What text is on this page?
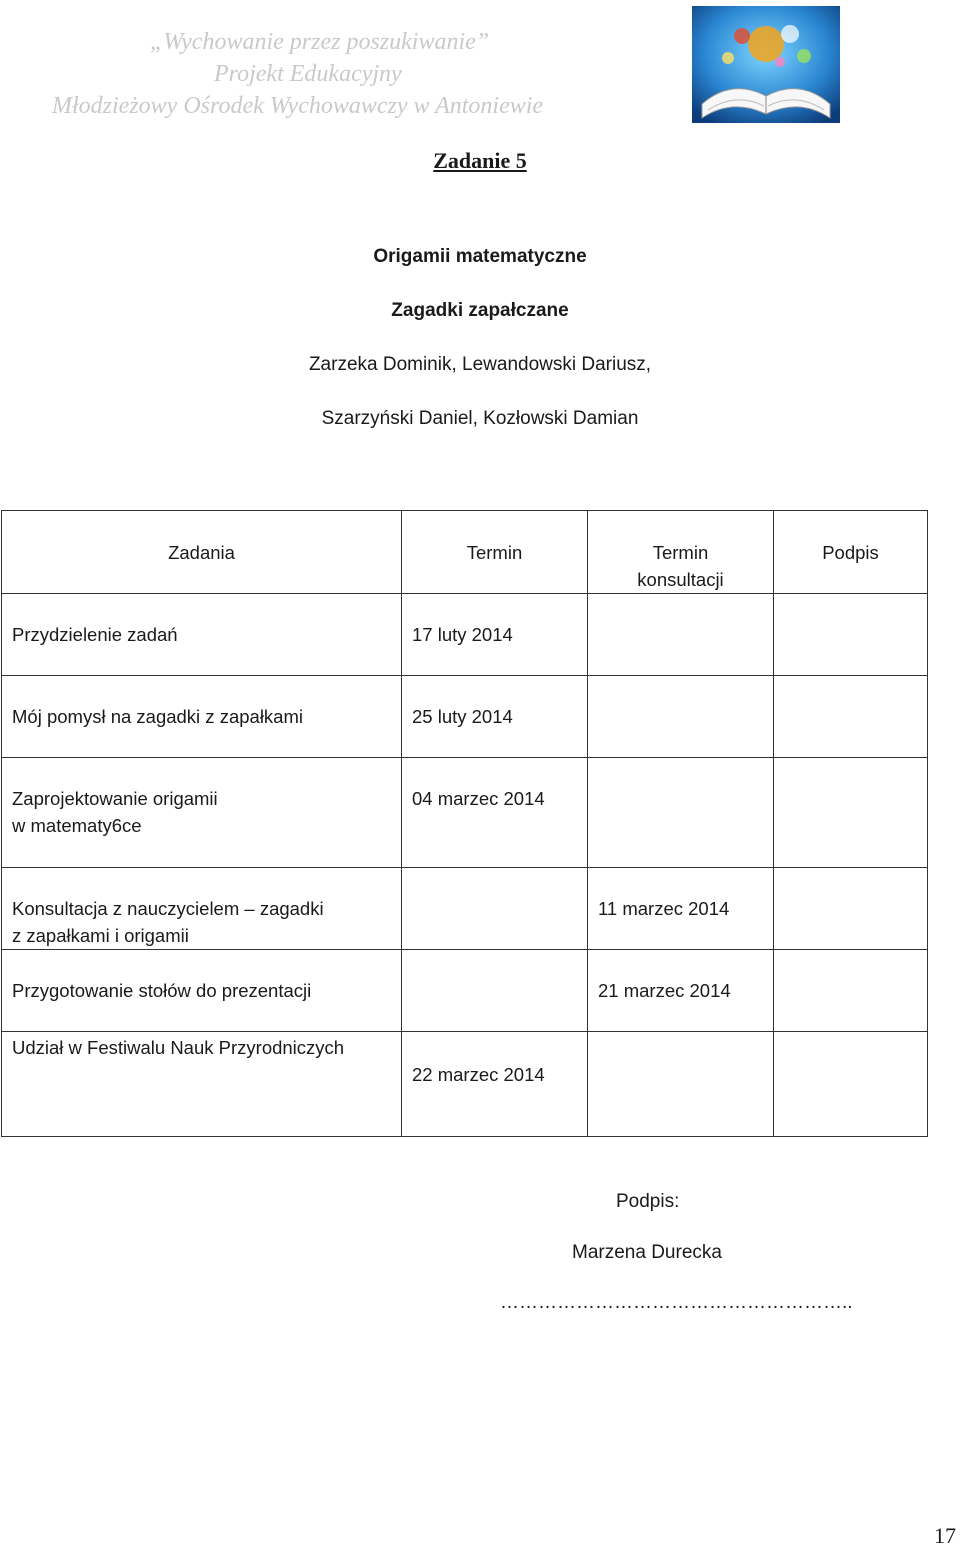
„Wychowanie przez poszukiwanie”
Projekt Edukacyjny
Młodzieżowy Ośrodek Wychowawczy w Antoniewie
Zadanie 5
Origamii matematyczne
Zagadki zapałczane
Zarzeka Dominik, Lewandowski Dariusz,
Szarzyński Daniel, Kozłowski Damian
Zadania	Termin	Termin
konsultacji	Podpis
Przydzielenie zadań	17 luty 2014		
Mój pomysł na zagadki z zapałkami	25 luty 2014		
Zaprojektowanie origamii
w matematy6ce	04 marzec 2014		
Konsultacja z nauczycielem – zagadki
z zapałkami i origamii		11 marzec 2014	
Przygotowanie stołów do prezentacji		21 marzec 2014	
Udział w Festiwalu Nauk Przyrodniczych	22 marzec 2014		
Podpis:
Marzena Durecka
………………………………………………..
17
